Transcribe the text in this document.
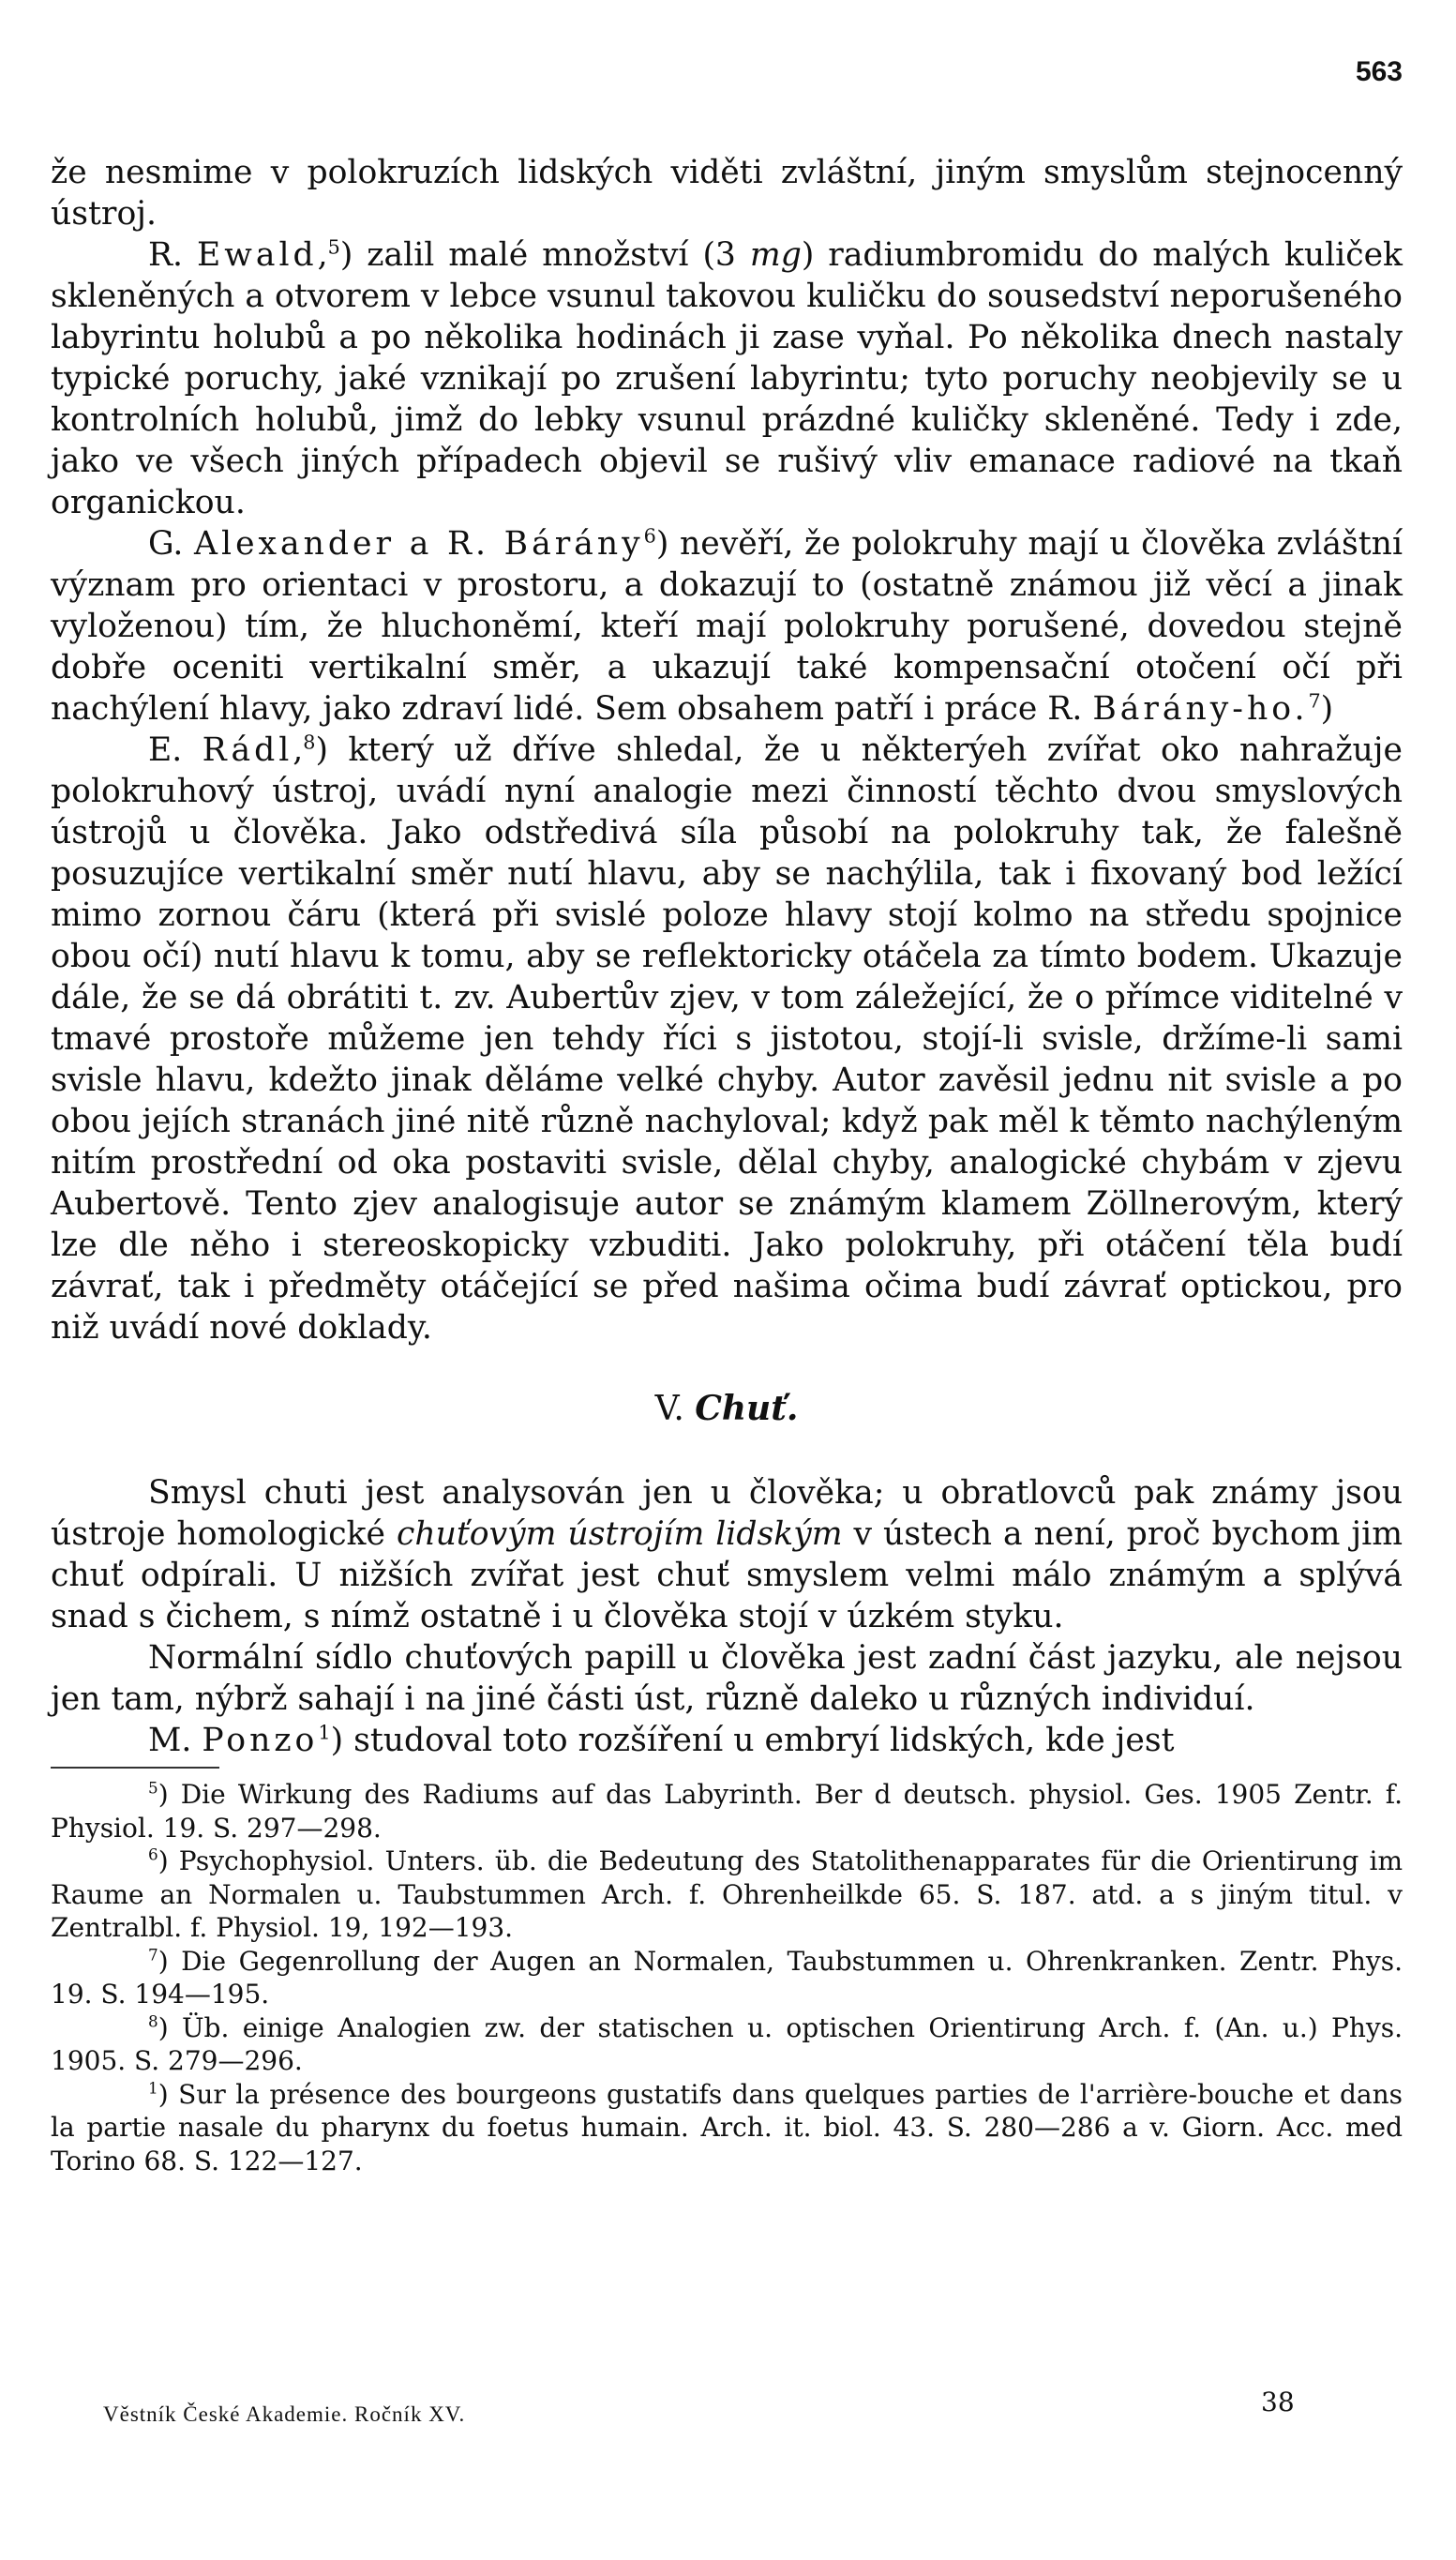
563

že nesmime v polokruzích lidských viděti zvláštní, jiným smyslům stejnocenný ústroj.

R. Ewald,$^5$) zalil malé množství (3 mg) radiumbromidu do malých kuliček skleněných a otvorem v lebce vsunul takovou kuličku do sousedství neporušeného labyrintu holubů a po několika hodinách ji zase vyňal. Po několika dnech nastaly typické poruchy, jaké vznikají po zrušení labyrintu; tyto poruchy neobjevily se u kontrolních holubů, jimž do lebky vsunul prázdné kuličky skleněné. Tedy i zde, jako ve všech jiných případech objevil se rušivý vliv emanace radiové na tkaň organickou.

G. Alexander a R. Bárány$^6$) nevěří, že polokruhy mají u člověka zvláštní význam pro orientaci v prostoru, a dokazují to (ostatně známou již věcí a jinak vyloženou) tím, že hluchoněmí, kteří mají polokruhy porušené, dovedou stejně dobře oceniti vertikalní směr, a ukazují také kompensační otočení očí při nachýlení hlavy, jako zdraví lidé. Sem obsahem patří i práce R. Bárány-ho.$^7$)

E. Rádl,$^8$) který už dříve shledal, že u některýeh zvířat oko nahražuje polokruhový ústroj, uvádí nyní analogie mezi činností těchto dvou smyslových ústrojů u člověka. Jako odstředivá síla působí na polokruhy tak, že falešně posuzujíce vertikalní směr nutí hlavu, aby se nachýlila, tak i fixovaný bod ležící mimo zornou čáru (která při svislé poloze hlavy stojí kolmo na středu spojnice obou očí) nutí hlavu k tomu, aby se reflektoricky otáčela za tímto bodem. Ukazuje dále, že se dá obrátiti t. zv. Aubertův zjev, v tom záležející, že o přímce viditelné v tmavé prostoře můžeme jen tehdy říci s jistotou, stojí-li svisle, držíme-li sami svisle hlavu, kdežto jinak děláme velké chyby. Autor zavěsil jednu nit svisle a po obou jejích stranách jiné nitě různě nachyloval; když pak měl k těmto nachýleným nitím prostřední od oka postaviti svisle, dělal chyby, analogické chybám v zjevu Aubertově. Tento zjev analogisuje autor se známým klamem Zöllnerovým, který lze dle něho i stereoskopicky vzbuditi. Jako polokruhy, při otáčení těla budí závrať, tak i předměty otáčející se před našima očima budí závrať optickou, pro niž uvádí nové doklady.

V. Chuť.

Smysl chuti jest analysován jen u člověka; u obratlovců pak známy jsou ústroje homologické chuťovým ústrojím lidským v ústech a není, proč bychom jim chuť odpírali. U nižších zvířat jest chuť smyslem velmi málo známým a splývá snad s čichem, s nímž ostatně i u člověka stojí v úzkém styku.

Normální sídlo chuťových papill u člověka jest zadní část jazyku, ale nejsou jen tam, nýbrž sahají i na jiné části úst, různě daleko u různých individuí.

M. Ponzo$^1$) studoval toto rozšíření u embryí lidských, kde jest

$^5$) Die Wirkung des Radiums auf das Labyrinth. Ber d deutsch. physiol. Ges. 1905 Zentr. f. Physiol. 19. S. 297—298.

$^6$) Psychophysiol. Unters. üb. die Bedeutung des Statolithenapparates für die Orientirung im Raume an Normalen u. Taubstummen Arch. f. Ohrenheilkde 65. S. 187. atd. a s jiným titul. v Zentralbl. f. Physiol. 19, 192—193.

$^7$) Die Gegenrollung der Augen an Normalen, Taubstummen u. Ohrenkranken. Zentr. Phys. 19. S. 194—195.

$^8$) Üb. einige Analogien zw. der statischen u. optischen Orientirung Arch. f. (An. u.) Phys. 1905. S. 279—296.

$^1$) Sur la présence des bourgeons gustatifs dans quelques parties de l'arrière-bouche et dans la partie nasale du pharynx du foetus humain. Arch. it. biol. 43. S. 280—286 a v. Giorn. Acc. med Torino 68. S. 122—127.

Věstník České Akademie. Ročník XV.	38
